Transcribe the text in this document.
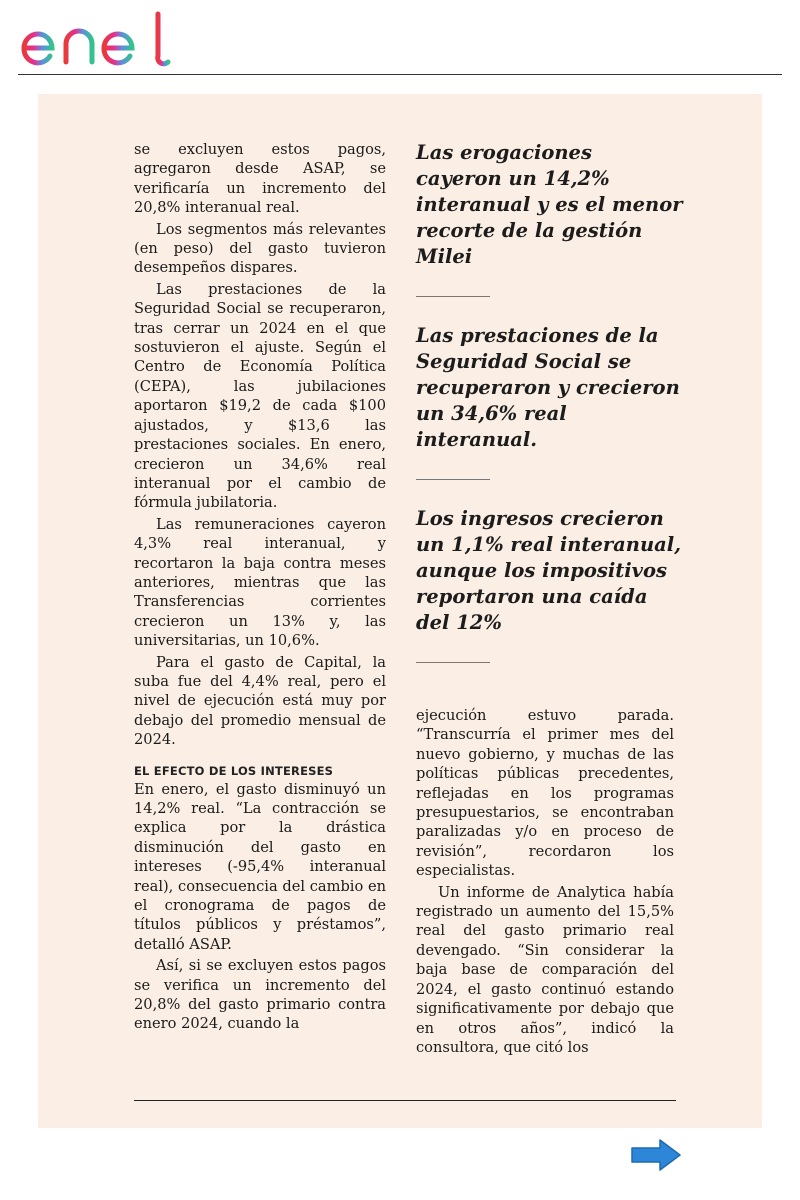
se excluyen estos pagos, agregaron desde ASAP, se verificaría un incremento del 20,8% interanual real.

Los segmentos más relevantes (en peso) del gasto tuvieron desempeños dispares.

Las prestaciones de la Seguridad Social se recuperaron, tras cerrar un 2024 en el que sostuvieron el ajuste. Según el Centro de Economía Política (CEPA), las jubilaciones aportaron $19,2 de cada $100 ajustados, y $13,6 las prestaciones sociales. En enero, crecieron un 34,6% real interanual por el cambio de fórmula jubilatoria.

Las remuneraciones cayeron 4,3% real interanual, y recortaron la baja contra meses anteriores, mientras que las Transferencias corrientes crecieron un 13% y, las universitarias, un 10,6%.

Para el gasto de Capital, la suba fue del 4,4% real, pero el nivel de ejecución está muy por debajo del promedio mensual de 2024.

EL EFECTO DE LOS INTERESES

En enero, el gasto disminuyó un 14,2% real. “La contracción se explica por la drástica disminución del gasto en intereses (-95,4% interanual real), consecuencia del cambio en el cronograma de pagos de títulos públicos y préstamos”, detalló ASAP.

Así, si se excluyen estos pagos se verifica un incremento del 20,8% del gasto primario contra enero 2024, cuando la

Las erogaciones cayeron un 14,2% interanual y es el menor recorte de la gestión Milei

Las prestaciones de la Seguridad Social se recuperaron y crecieron un 34,6% real interanual.

Los ingresos crecieron un 1,1% real interanual, aunque los impositivos reportaron una caída del 12%

ejecución estuvo parada. “Transcurría el primer mes del nuevo gobierno, y muchas de las políticas públicas precedentes, reflejadas en los programas presupuestarios, se encontraban paralizadas y/o en proceso de revisión”, recordaron los especialistas.

Un informe de Analytica había registrado un aumento del 15,5% real del gasto primario real devengado. “Sin considerar la baja base de comparación del 2024, el gasto continuó estando significativamente por debajo que en otros años”, indicó la consultora, que citó los
